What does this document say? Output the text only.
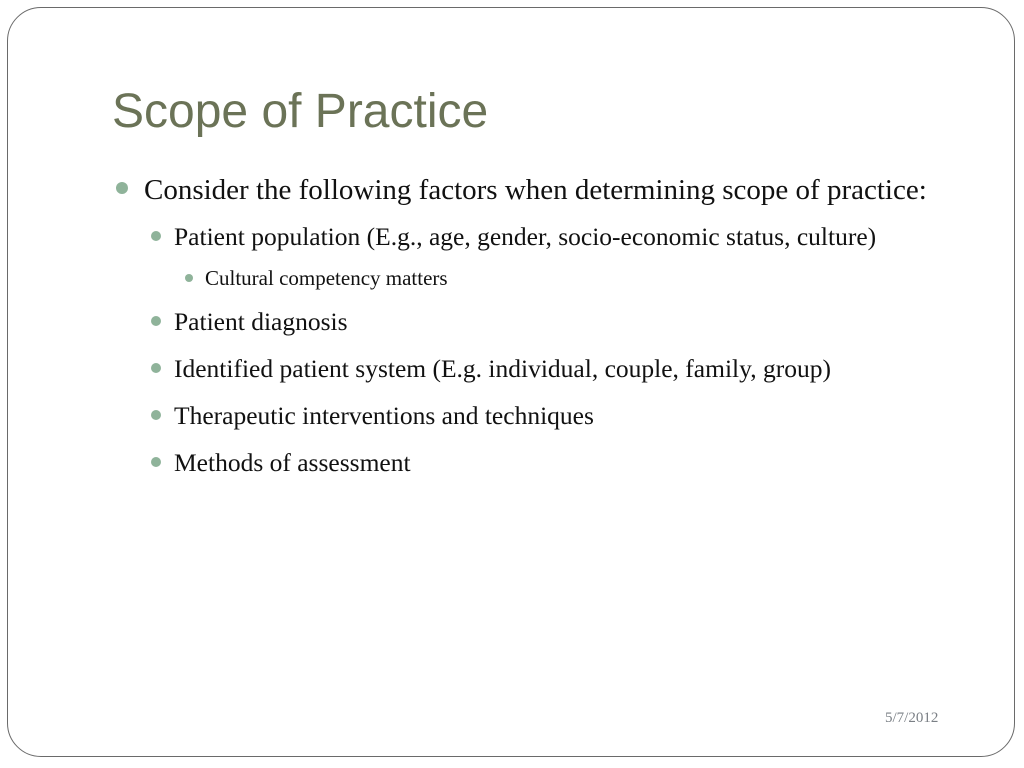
Scope of Practice
Consider the following factors when determining scope of practice:
Patient population (E.g., age, gender, socio-economic status, culture)
Cultural competency matters
Patient diagnosis
Identified patient system (E.g. individual, couple, family, group)
Therapeutic interventions and techniques
Methods of assessment
5/7/2012
